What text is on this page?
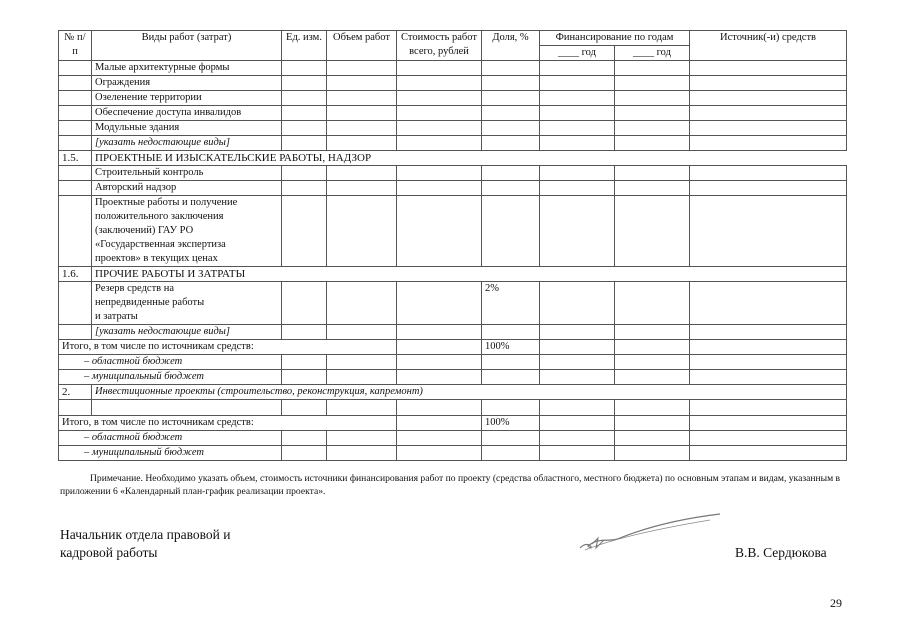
№ п/п	Виды работ (затрат)	Ед. изм.	Объем работ	Стоимость работ всего, рублей	Доля, %	Финансирование по годам		Источник(-и) средств
						____ год	____ год	
	Малые архитектурные формы							
	Ограждения							
	Озеленение территории							
	Обеспечение доступа инвалидов							
	Модульные здания							
	[указать недостающие виды]							
1.5.	ПРОЕКТНЫЕ И ИЗЫСКАТЕЛЬСКИЕ РАБОТЫ, НАДЗОР							
	Строительный контроль							
	Авторский надзор							
	Проектные работы и получение положительного заключения (заключений) ГАУ РО «Государственная экспертиза проектов» в текущих ценах							
1.6.	ПРОЧИЕ РАБОТЫ И ЗАТРАТЫ							
	Резерв средств на непредвиденные работы и затраты				2%			
	[указать недостающие виды]							
Итого, в том числе по источникам средств:					100%			
– областной бюджет								
– муниципальный бюджет								
2.	Инвестиционные проекты (строительство, реконструкция, капремонт)							

Итого, в том числе по источникам средств:					100%			
– областной бюджет								
– муниципальный бюджет								
Примечание. Необходимо указать объем, стоимость источники финансирования работ по проекту (средства областного, местного бюджета) по основным этапам и видам, указанным в приложении 6 «Календарный план-график реализации проекта».
Начальник отдела правовой и кадровой работы	В.В. Сердюкова
29
